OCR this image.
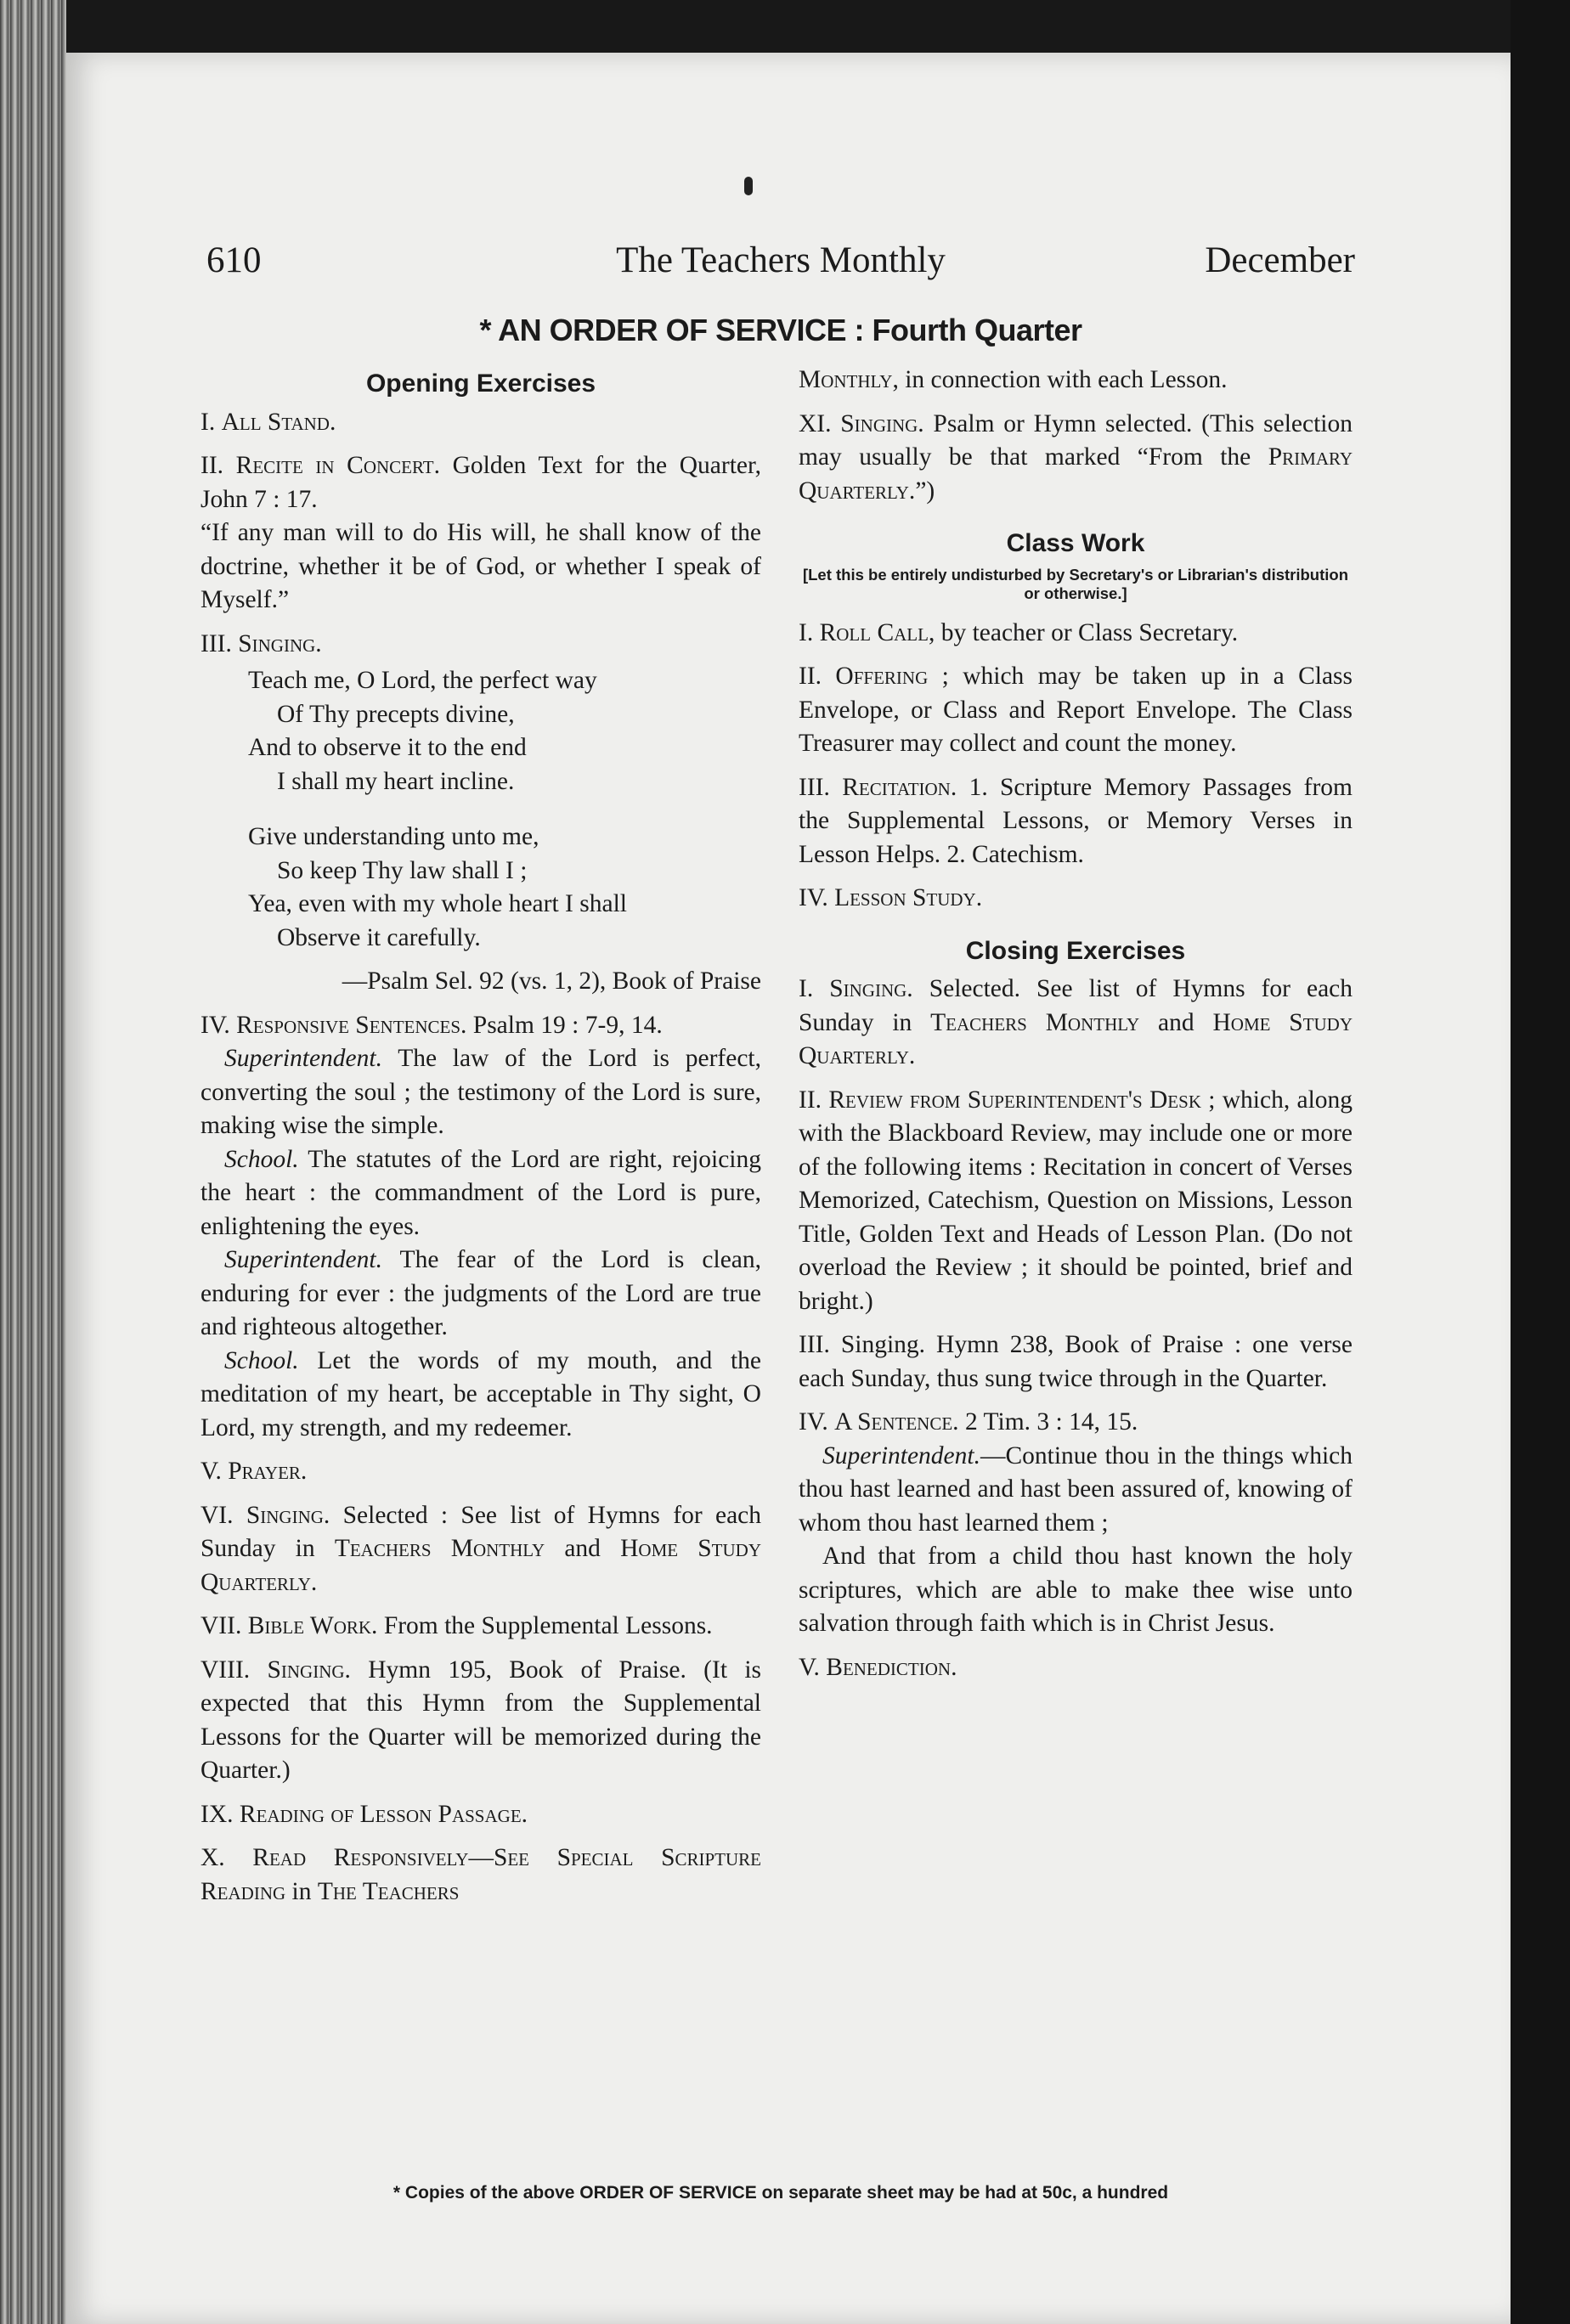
610	The Teachers Monthly	December
* AN ORDER OF SERVICE : Fourth Quarter
Opening Exercises

I. All Stand.

II. Recite in Concert. Golden Text for the Quarter, John 7 : 17.
“If any man will to do His will, he shall know of the doctrine, whether it be of God, or whether I speak of Myself.”

III. Singing.

Teach me, O Lord, the perfect way
Of Thy precepts divine,
And to observe it to the end
I shall my heart incline.
Give understanding unto me,
So keep Thy law shall I ;
Yea, even with my whole heart I shall
Observe it carefully.
—Psalm Sel. 92 (vs. 1, 2), Book of Praise

IV. Responsive Sentences. Psalm 19 : 7-9, 14.

Superintendent. The law of the Lord is perfect, converting the soul ; the testimony of the Lord is sure, making wise the simple.

School. The statutes of the Lord are right, rejoicing the heart : the commandment of the Lord is pure, enlightening the eyes.

Superintendent. The fear of the Lord is clean, enduring for ever : the judgments of the Lord are true and righteous altogether.

School. Let the words of my mouth, and the meditation of my heart, be acceptable in Thy sight, O Lord, my strength, and my redeemer.

V. Prayer.

VI. Singing. Selected : See list of Hymns for each Sunday in Teachers Monthly and Home Study Quarterly.

VII. Bible Work. From the Supplemental Lessons.

VIII. Singing. Hymn 195, Book of Praise. (It is expected that this Hymn from the Supplemental Lessons for the Quarter will be memorized during the Quarter.)

IX. Reading of Lesson Passage.

X. Read Responsively—See Special Scripture Reading in The Teachers

Monthly, in connection with each Lesson.

XI. Singing. Psalm or Hymn selected. (This selection may usually be that marked “From the Primary Quarterly.”)

Class Work
[Let this be entirely undisturbed by Secretary's or Librarian's distribution or otherwise.]

I. Roll Call, by teacher or Class Secretary.

II. Offering ; which may be taken up in a Class Envelope, or Class and Report Envelope. The Class Treasurer may collect and count the money.

III. Recitation. 1. Scripture Memory Passages from the Supplemental Lessons, or Memory Verses in Lesson Helps. 2. Catechism.

IV. Lesson Study.

Closing Exercises

I. Singing. Selected. See list of Hymns for each Sunday in Teachers Monthly and Home Study Quarterly.

II. Review from Superintendent's Desk ; which, along with the Blackboard Review, may include one or more of the following items : Recitation in concert of Verses Memorized, Catechism, Question on Missions, Lesson Title, Golden Text and Heads of Lesson Plan. (Do not overload the Review ; it should be pointed, brief and bright.)

III. Singing. Hymn 238, Book of Praise : one verse each Sunday, thus sung twice through in the Quarter.

IV. A Sentence. 2 Tim. 3 : 14, 15.

Superintendent.—Continue thou in the things which thou hast learned and hast been assured of, knowing of whom thou hast learned them ;

And that from a child thou hast known the holy scriptures, which are able to make thee wise unto salvation through faith which is in Christ Jesus.

V. Benediction.

* Copies of the above ORDER OF SERVICE on separate sheet may be had at 50c, a hundred
